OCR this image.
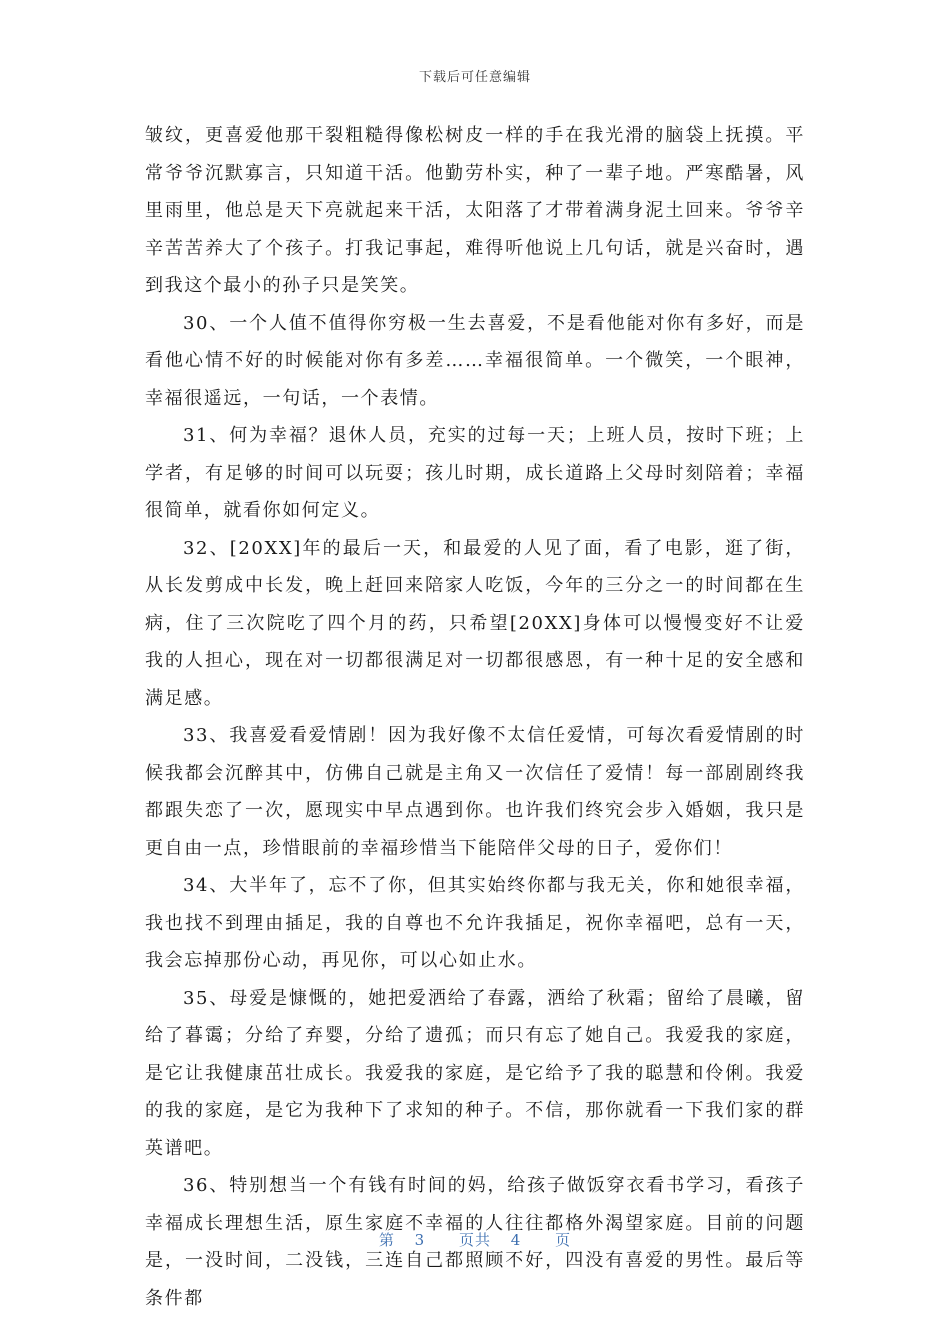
下载后可任意编辑

皱纹，更喜爱他那干裂粗糙得像松树皮一样的手在我光滑的脑袋上抚摸。平常爷爷沉默寡言，只知道干活。他勤劳朴实，种了一辈子地。严寒酷暑，风里雨里，他总是天下亮就起来干活，太阳落了才带着满身泥土回来。爷爷辛辛苦苦养大了个孩子。打我记事起，难得听他说上几句话，就是兴奋时，遇到我这个最小的孙子只是笑笑。

30、一个人值不值得你穷极一生去喜爱，不是看他能对你有多好，而是看他心情不好的时候能对你有多差……幸福很简单。一个微笑，一个眼神，幸福很遥远，一句话，一个表情。

31、何为幸福？退休人员，充实的过每一天；上班人员，按时下班；上学者，有足够的时间可以玩耍；孩儿时期，成长道路上父母时刻陪着；幸福很简单，就看你如何定义。

32、[20XX]年的最后一天，和最爱的人见了面，看了电影，逛了街，从长发剪成中长发，晚上赶回来陪家人吃饭，今年的三分之一的时间都在生病，住了三次院吃了四个月的药，只希望[20XX]身体可以慢慢变好不让爱我的人担心，现在对一切都很满足对一切都很感恩，有一种十足的安全感和满足感。

33、我喜爱看爱情剧！因为我好像不太信任爱情，可每次看爱情剧的时候我都会沉醉其中，仿佛自己就是主角又一次信任了爱情！每一部剧剧终我都跟失恋了一次，愿现实中早点遇到你。也许我们终究会步入婚姻，我只是更自由一点，珍惜眼前的幸福珍惜当下能陪伴父母的日子，爱你们！

34、大半年了，忘不了你，但其实始终你都与我无关，你和她很幸福，我也找不到理由插足，我的自尊也不允许我插足，祝你幸福吧，总有一天，我会忘掉那份心动，再见你，可以心如止水。

35、母爱是慷慨的，她把爱洒给了春露，洒给了秋霜；留给了晨曦，留给了暮霭；分给了弃婴，分给了遗孤；而只有忘了她自己。我爱我的家庭，是它让我健康茁壮成长。我爱我的家庭，是它给予了我的聪慧和伶俐。我爱的我的家庭，是它为我种下了求知的种子。不信，那你就看一下我们家的群英谱吧。

36、特别想当一个有钱有时间的妈，给孩子做饭穿衣看书学习，看孩子幸福成长理想生活，原生家庭不幸福的人往往都格外渴望家庭。目前的问题是，一没时间，二没钱，三连自己都照顾不好，四没有喜爱的男性。最后等条件都

第 3 页共 4 页
